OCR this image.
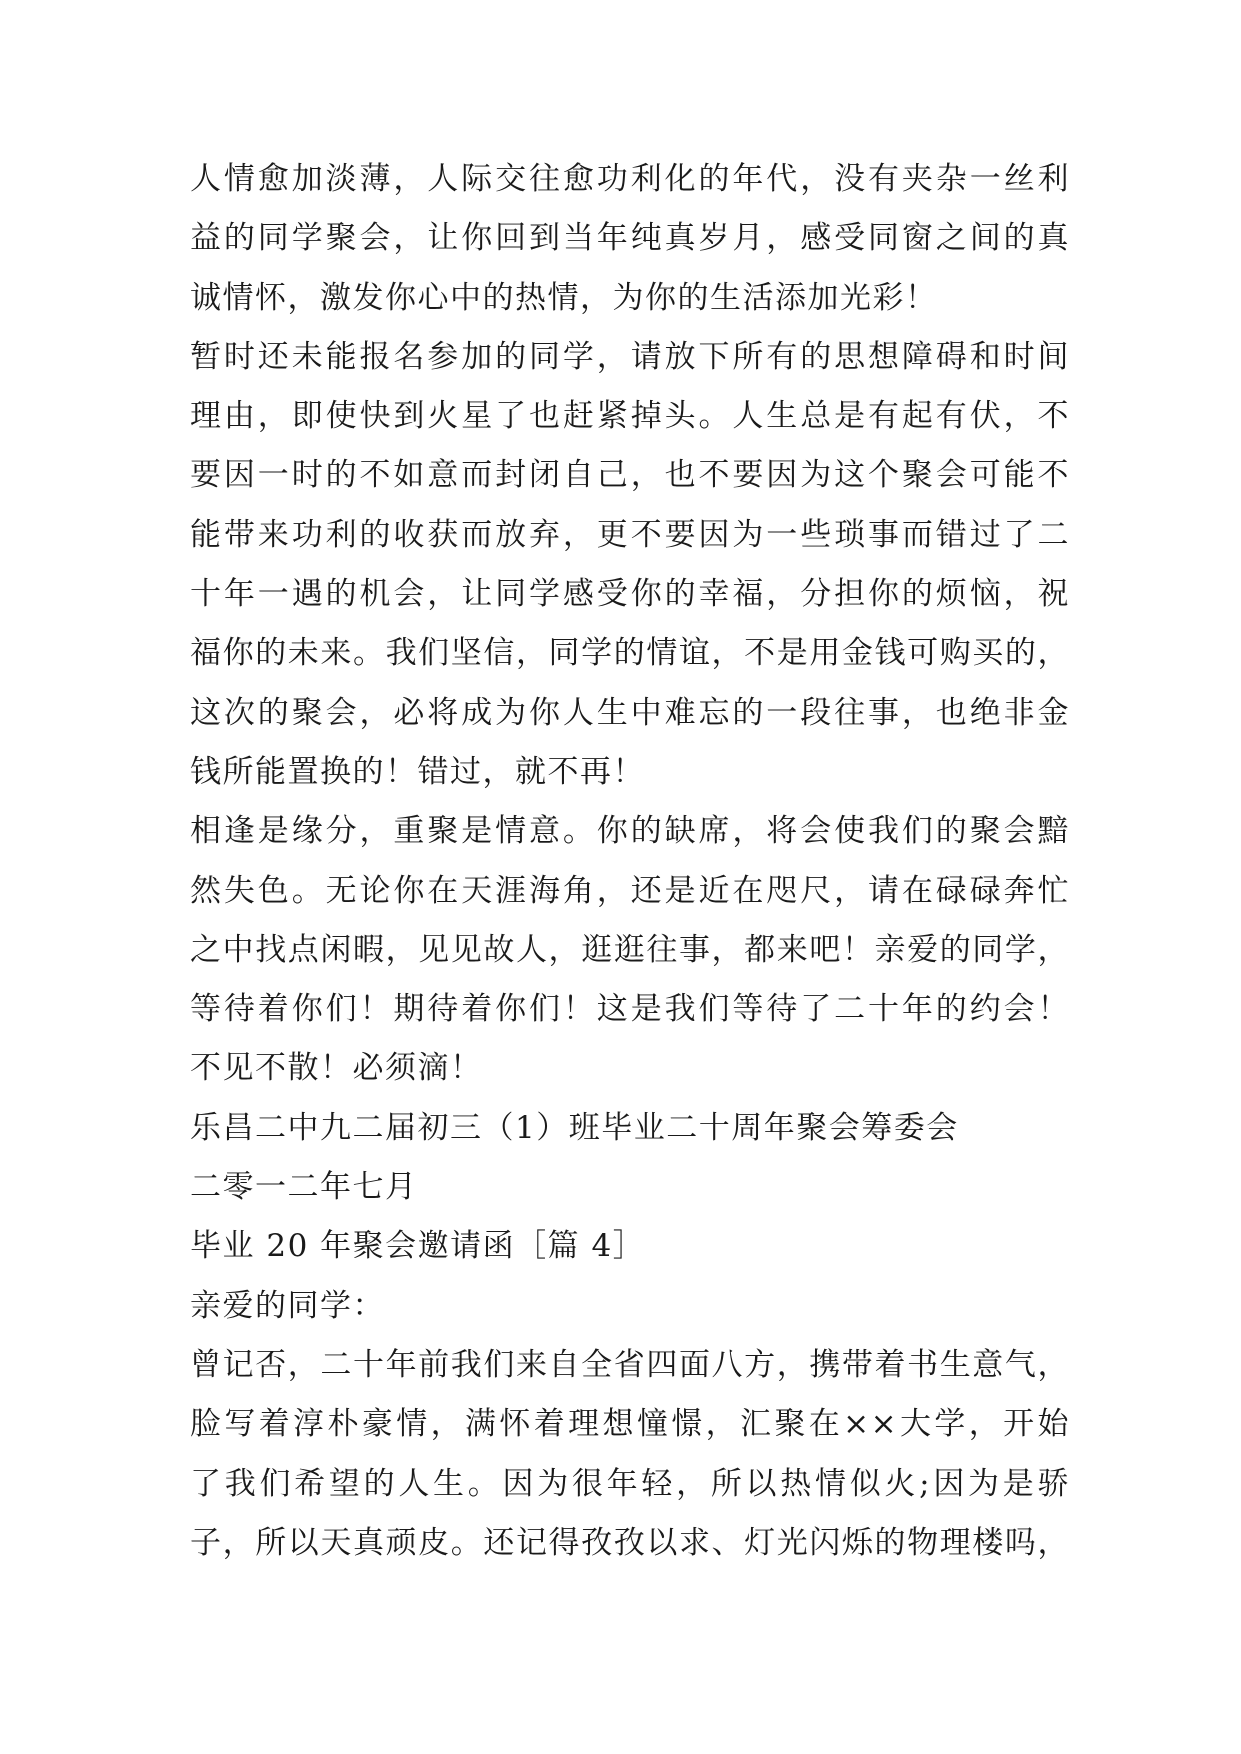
人情愈加淡薄，人际交往愈功利化的年代，没有夹杂一丝利
益的同学聚会，让你回到当年纯真岁月，感受同窗之间的真
诚情怀，激发你心中的热情，为你的生活添加光彩！
暂时还未能报名参加的同学，请放下所有的思想障碍和时间
理由，即使快到火星了也赶紧掉头。人生总是有起有伏，不
要因一时的不如意而封闭自己，也不要因为这个聚会可能不
能带来功利的收获而放弃，更不要因为一些琐事而错过了二
十年一遇的机会，让同学感受你的幸福，分担你的烦恼，祝
福你的未来。我们坚信，同学的情谊，不是用金钱可购买的，
这次的聚会，必将成为你人生中难忘的一段往事，也绝非金
钱所能置换的！错过，就不再！
相逢是缘分，重聚是情意。你的缺席，将会使我们的聚会黯
然失色。无论你在天涯海角，还是近在咫尺，请在碌碌奔忙
之中找点闲暇，见见故人，逛逛往事，都来吧！亲爱的同学，
等待着你们！期待着你们！这是我们等待了二十年的约会！
不见不散！必须滴！
乐昌二中九二届初三（1）班毕业二十周年聚会筹委会
二零一二年七月
毕业 20 年聚会邀请函［篇 4］
亲爱的同学：
曾记否，二十年前我们来自全省四面八方，携带着书生意气，
脸写着淳朴豪情，满怀着理想憧憬，汇聚在××大学，开始
了我们希望的人生。因为很年轻，所以热情似火;因为是骄
子，所以天真顽皮。还记得孜孜以求、灯光闪烁的物理楼吗，
